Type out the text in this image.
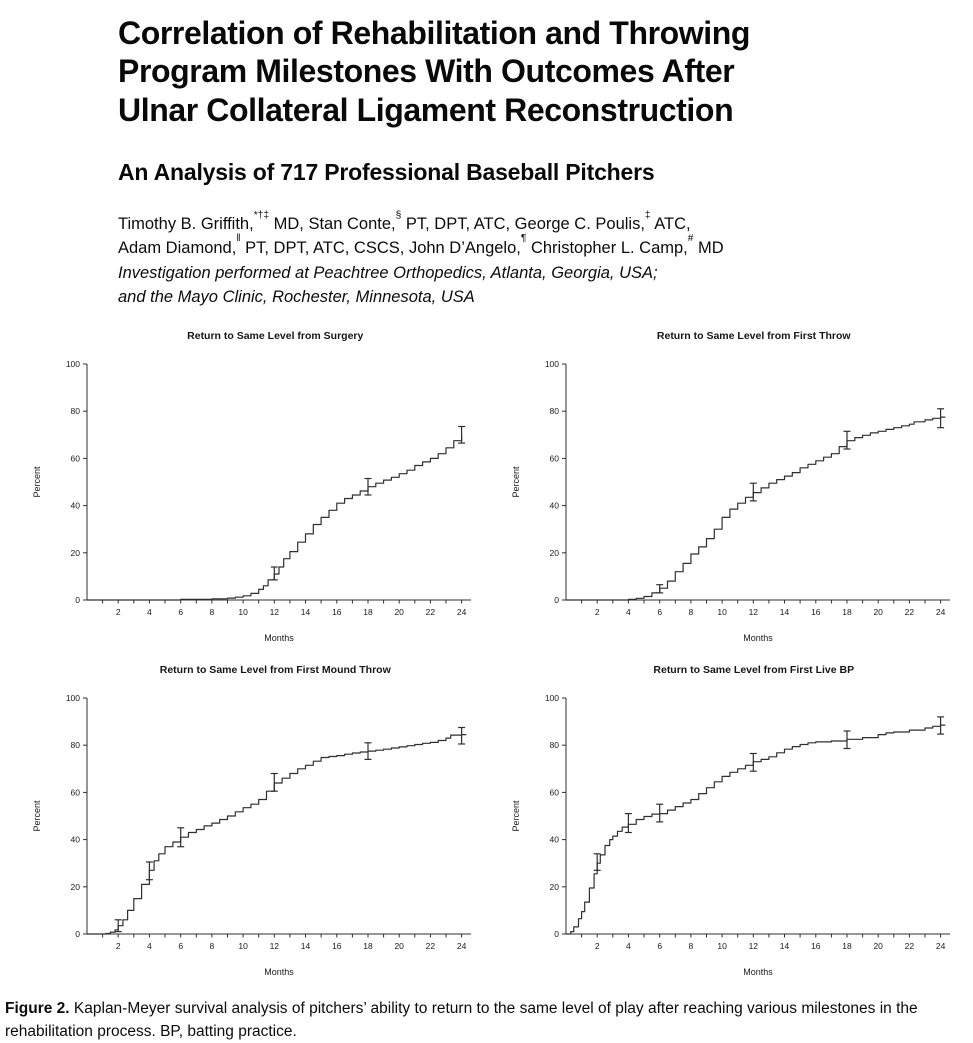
Correlation of Rehabilitation and Throwing
Program Milestones With Outcomes After
Ulnar Collateral Ligament Reconstruction
An Analysis of 717 Professional Baseball Pitchers

Timothy B. Griffith,*†‡ MD, Stan Conte,§ PT, DPT, ATC, George C. Poulis,‡ ATC,
Adam Diamond,‖ PT, DPT, ATC, CSCS, John D’Angelo,¶ Christopher L. Camp,# MD

Investigation performed at Peachtree Orthopedics, Atlanta, Georgia, USA;
and the Mayo Clinic, Rochester, Minnesota, USA

Return to Same Level from Surgery
0
20
40
60
80
100
2	4	6	8	10	12	14	16	18	20	22	24
Months
Percent
Return to Same Level from First Throw
0
20
40
60
80
100
2	4	6	8	10	12	14	16	18	20	22	24
Months
Percent
Return to Same Level from First Mound Throw
0
20
40
60
80
100
2	4	6	8	10	12	14	16	18	20	22	24
Months
Percent
Return to Same Level from First Live BP
0
20
40
60
80
100
2	4	6	8	10	12	14	16	18	20	22	24
Months
Percent
Figure 2. Kaplan-Meyer survival analysis of pitchers’ ability to return to the same level of play after reaching various milestones in the rehabilitation process. BP, batting practice.
